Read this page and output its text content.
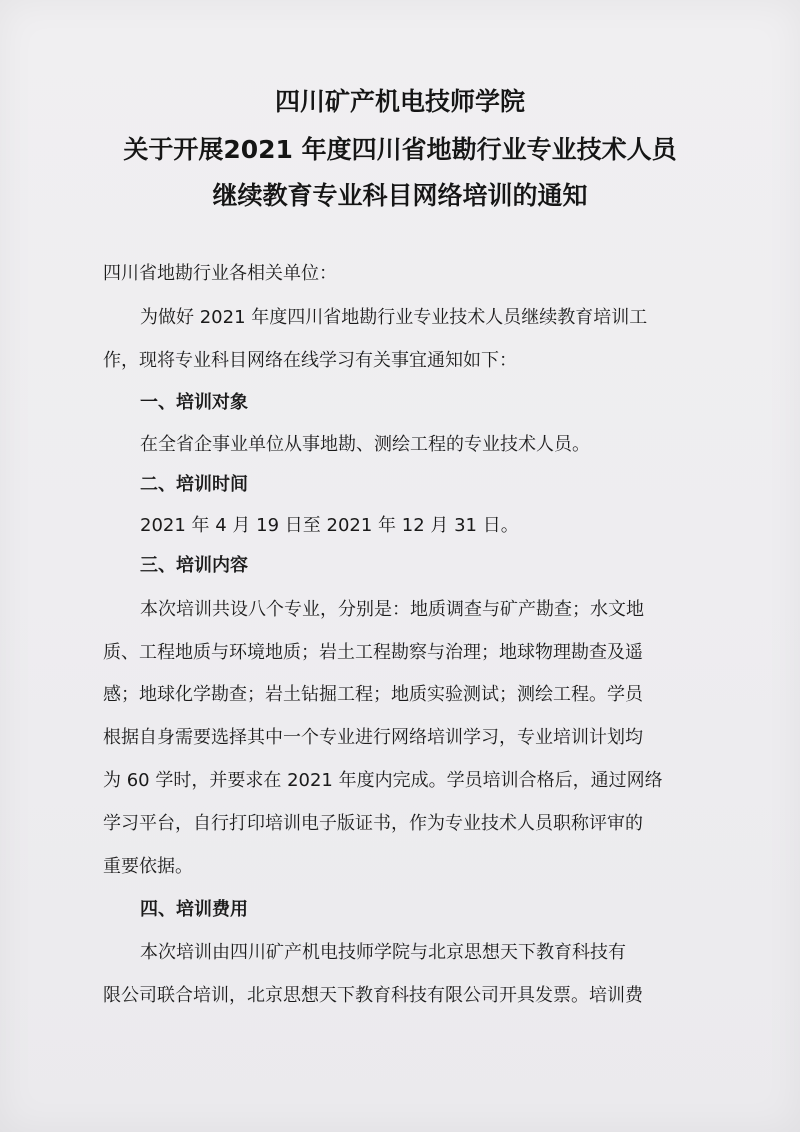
四川矿产机电技师学院
关于开展2021 年度四川省地勘行业专业技术人员
继续教育专业科目网络培训的通知
四川省地勘行业各相关单位：
为做好 2021 年度四川省地勘行业专业技术人员继续教育培训工
作，现将专业科目网络在线学习有关事宜通知如下：
一、培训对象
在全省企事业单位从事地勘、测绘工程的专业技术人员。
二、培训时间
2021 年 4 月 19 日至 2021 年 12 月 31 日。
三、培训内容
本次培训共设八个专业，分别是：地质调查与矿产勘查；水文地
质、工程地质与环境地质；岩土工程勘察与治理；地球物理勘查及遥
感；地球化学勘查；岩土钻掘工程；地质实验测试；测绘工程。学员
根据自身需要选择其中一个专业进行网络培训学习，专业培训计划均
为 60 学时，并要求在 2021 年度内完成。学员培训合格后，通过网络
学习平台，自行打印培训电子版证书，作为专业技术人员职称评审的
重要依据。
四、培训费用
本次培训由四川矿产机电技师学院与北京思想天下教育科技有
限公司联合培训，北京思想天下教育科技有限公司开具发票。培训费
